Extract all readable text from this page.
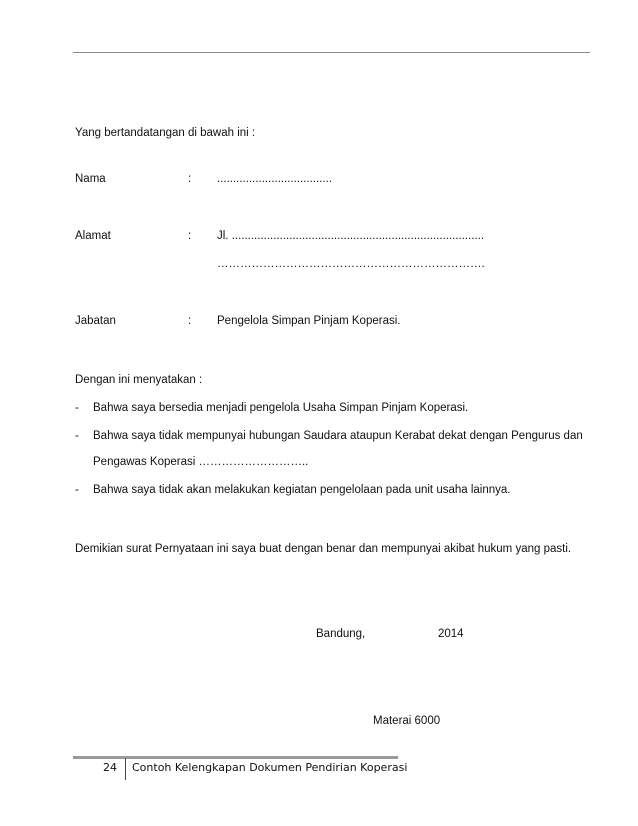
Yang bertandatangan di bawah ini :
Nama	: ....................................
Alamat	: Jl. ...............................................................................
…………………………………………………………….
Jabatan	: Pengelola Simpan Pinjam Koperasi.
Dengan ini menyatakan :
- Bahwa saya bersedia menjadi pengelola Usaha Simpan Pinjam Koperasi.
- Bahwa saya tidak mempunyai hubungan Saudara ataupun Kerabat dekat dengan Pengurus dan
Pengawas Koperasi ………………………..
- Bahwa saya tidak akan melakukan kegiatan pengelolaan pada unit usaha lainnya.
Demikian surat Pernyataan ini saya buat dengan benar dan mempunyai akibat hukum yang pasti.
Bandung,	2014
Materai 6000
24 Contoh Kelengkapan Dokumen Pendirian Koperasi
